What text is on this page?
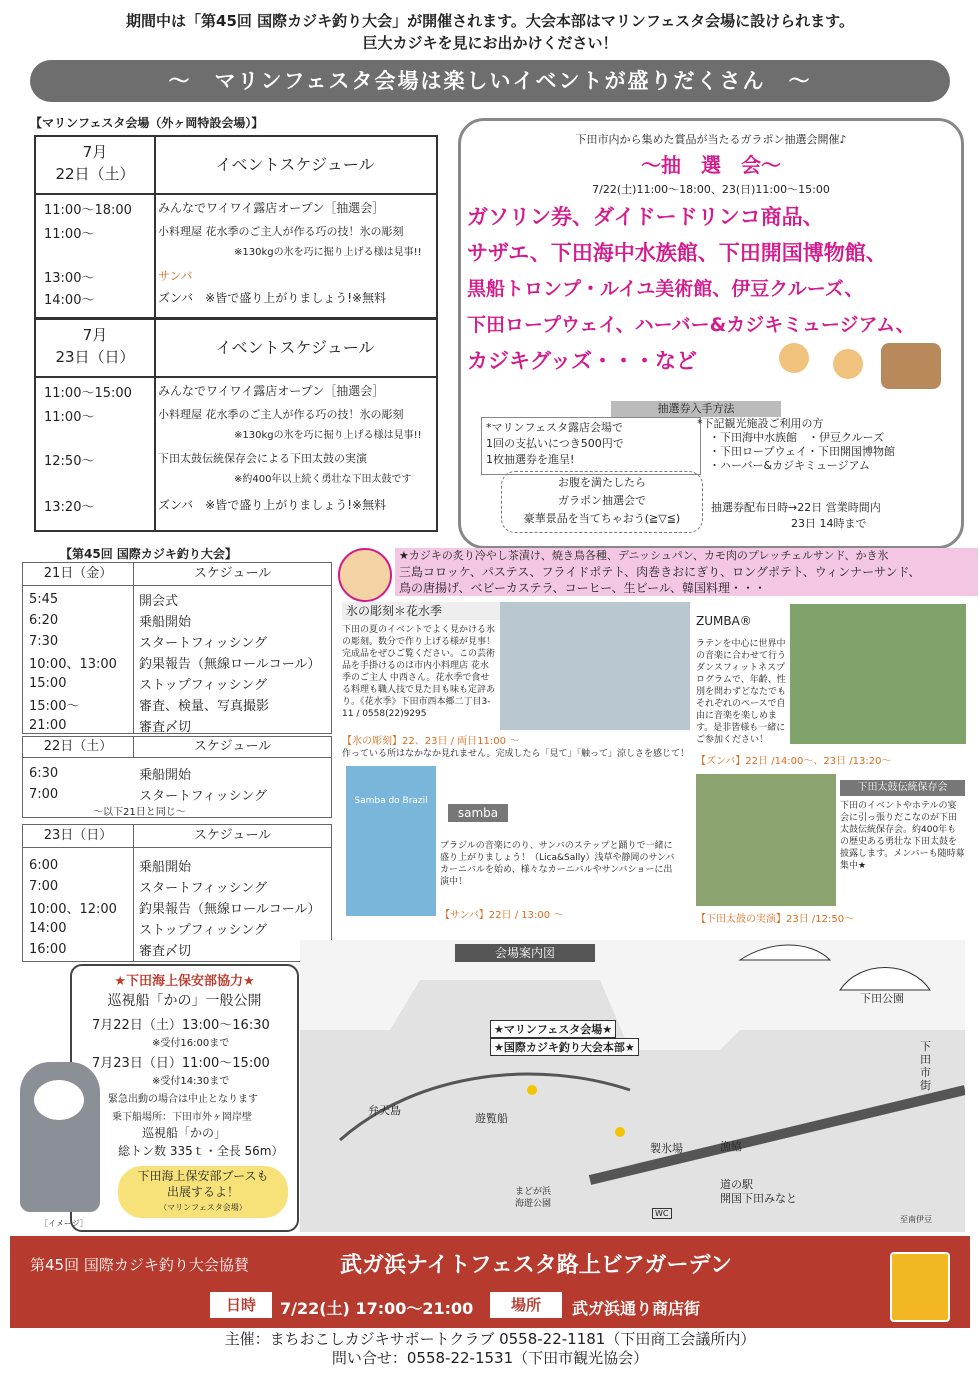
期間中は「第45回 国際カジキ釣り大会」が開催されます。大会本部はマリンフェスタ会場に設けられます。
巨大カジキを見にお出かけください！
～　マリンフェスタ会場は楽しいイベントが盛りだくさん　～
【マリンフェスタ会場（外ヶ岡特設会場）】
7月
22日（土）	イベントスケジュール
11:00～18:00 みんなでワイワイ露店オープン［抽選会］
11:00～	小料理屋 花水季のご主人が作る巧の技！氷の彫刻
※130kgの氷を巧に掘り上げる様は見事!!
13:00～	サンバ
14:00～	ズンバ　※皆で盛り上がりましょう!※無料
7月
23日（日）	イベントスケジュール
11:00～15:00 みんなでワイワイ露店オープン［抽選会］
11:00～	小料理屋 花水季のご主人が作る巧の技！氷の彫刻
※130kgの氷を巧に掘り上げる様は見事!!
12:50～	下田太鼓伝統保存会による下田太鼓の実演
※約400年以上続く勇壮な下田太鼓です
13:20～	ズンバ　※皆で盛り上がりましょう!※無料
下田市内から集めた賞品が当たるガラポン抽選会開催♪
～抽　選　会～
7/22(土)11:00～18:00、23(日)11:00～15:00
ガソリン券、ダイドードリンコ商品、
サザエ、下田海中水族館、下田開国博物館、
黒船トロンプ・ルイユ美術館、伊豆クルーズ、
下田ロープウェイ、ハーバー&カジキミュージアム、
カジキグッズ・・・など
抽選券入手方法
*マリンフェスタ露店会場で
1回の支払いにつき500円で
1枚抽選券を進呈!
*下記観光施設ご利用の方
・下田海中水族館　・伊豆クルーズ
・下田ロープウェイ・下田開国博物館
・ハーバー&カジキミュージアム
お腹を満たしたら
ガラポン抽選会で
豪華景品を当てちゃおう(≧▽≦)
抽選券配布日時→22日 営業時間内
23日 14時まで
【第45回 国際カジキ釣り大会】	★カジキの炙り冷やし茶漬け、焼き鳥各種、デニッシュパン、カモ肉のプレッチェルサンド、かき氷
三島コロッケ、パステス、フライドポテト、肉巻きおにぎり、ロングポテト、ウィンナーサンド、
鳥の唐揚げ、ベビーカステラ、コーヒー、生ビール、韓国料理・・・
21日（金）	スケジュール
5:45	開会式
6:20	乗船開始
7:30	スタートフィッシング
10:00、13:00	釣果報告（無線ロールコール）
15:00	ストップフィッシング
15:00～	審査、検量、写真撮影
21:00	審査〆切
22日（土）	スケジュール
6:30	乗船開始
7:00	スタートフィッシング
～以下21日と同じ～
23日（日）	スケジュール
6:00	乗船開始
7:00	スタートフィッシング
10:00、12:00	釣果報告（無線ロールコール）
14:00	ストップフィッシング
16:00	審査〆切
氷の彫刻＊花水季
下田の夏のイベントでよく見かける氷の彫刻。数分で作り上げる様が見事！完成品をぜひご覧ください。この芸術品を手掛けるのは市内小料理店 花水季のご主人 中西さん。花水季で食せる料理も職人技で見た目も味も定評あり。《花水季》下田市西本郷二丁目3-11 / 0558(22)9295
【氷の彫刻】22、23日 / 両日11:00 ～
作っている所はなかなか見れません。完成したら「見て」「触って」涼しさを感じて！
ZUMBA®
ラテンを中心に世界中の音楽に合わせて行うダンスフィットネスプログラムで、年齢、性別を問わずどなたでもそれぞれのペースで自由に音楽を楽しめます。是非皆様も一緒にご参加ください！
【ズンバ】22日 /14:00～、23日 /13:20～
Samba do Brazil
samba
ブラジルの音楽にのり、サンバのステップと踊りで一緒に盛り上がりましょう！（Lica&Sally）浅草や静岡のサンバカーニバルを始め、様々なカーニバルやサンバショーに出演中！
【サンバ】22日 / 13:00 ～
下田太鼓伝統保存会
下田のイベントやホテルの宴会に引っ張りだこなのが下田太鼓伝統保存会。約400年もの歴史ある勇壮な下田太鼓を披露します。メンバーも随時募集中★
【下田太鼓の実演】23日 /12:50～
★下田海上保安部協力★
巡視船「かの」一般公開
7月22日（土）13:00～16:30
※受付16:00まで
7月23日（日）11:00～15:00
※受付14:30まで
緊急出動の場合は中止となります
乗下船場所：下田市外ヶ岡岸壁
巡視船「かの」
総トン数 335ｔ・全長 56m）
下田海上保安部ブースも
出展するよ！
（マリンフェスタ会場）
［イメージ］
会場案内図
★マリンフェスタ会場★
★国際カジキ釣り大会本部★
下田公園
下田市街
弁天島
遊覧船
製氷場	漁協
道の駅
開国下田みなと
まどが浜
海遊公園
WC
至南伊豆
第45回 国際カジキ釣り大会協賛	武ガ浜ナイトフェスタ路上ビアガーデン
日時	7/22(土) 17:00～21:00	場所	武ガ浜通り商店街
主催：まちおこしカジキサポートクラブ 0558-22-1181（下田商工会議所内）
問い合せ：0558-22-1531（下田市観光協会）
